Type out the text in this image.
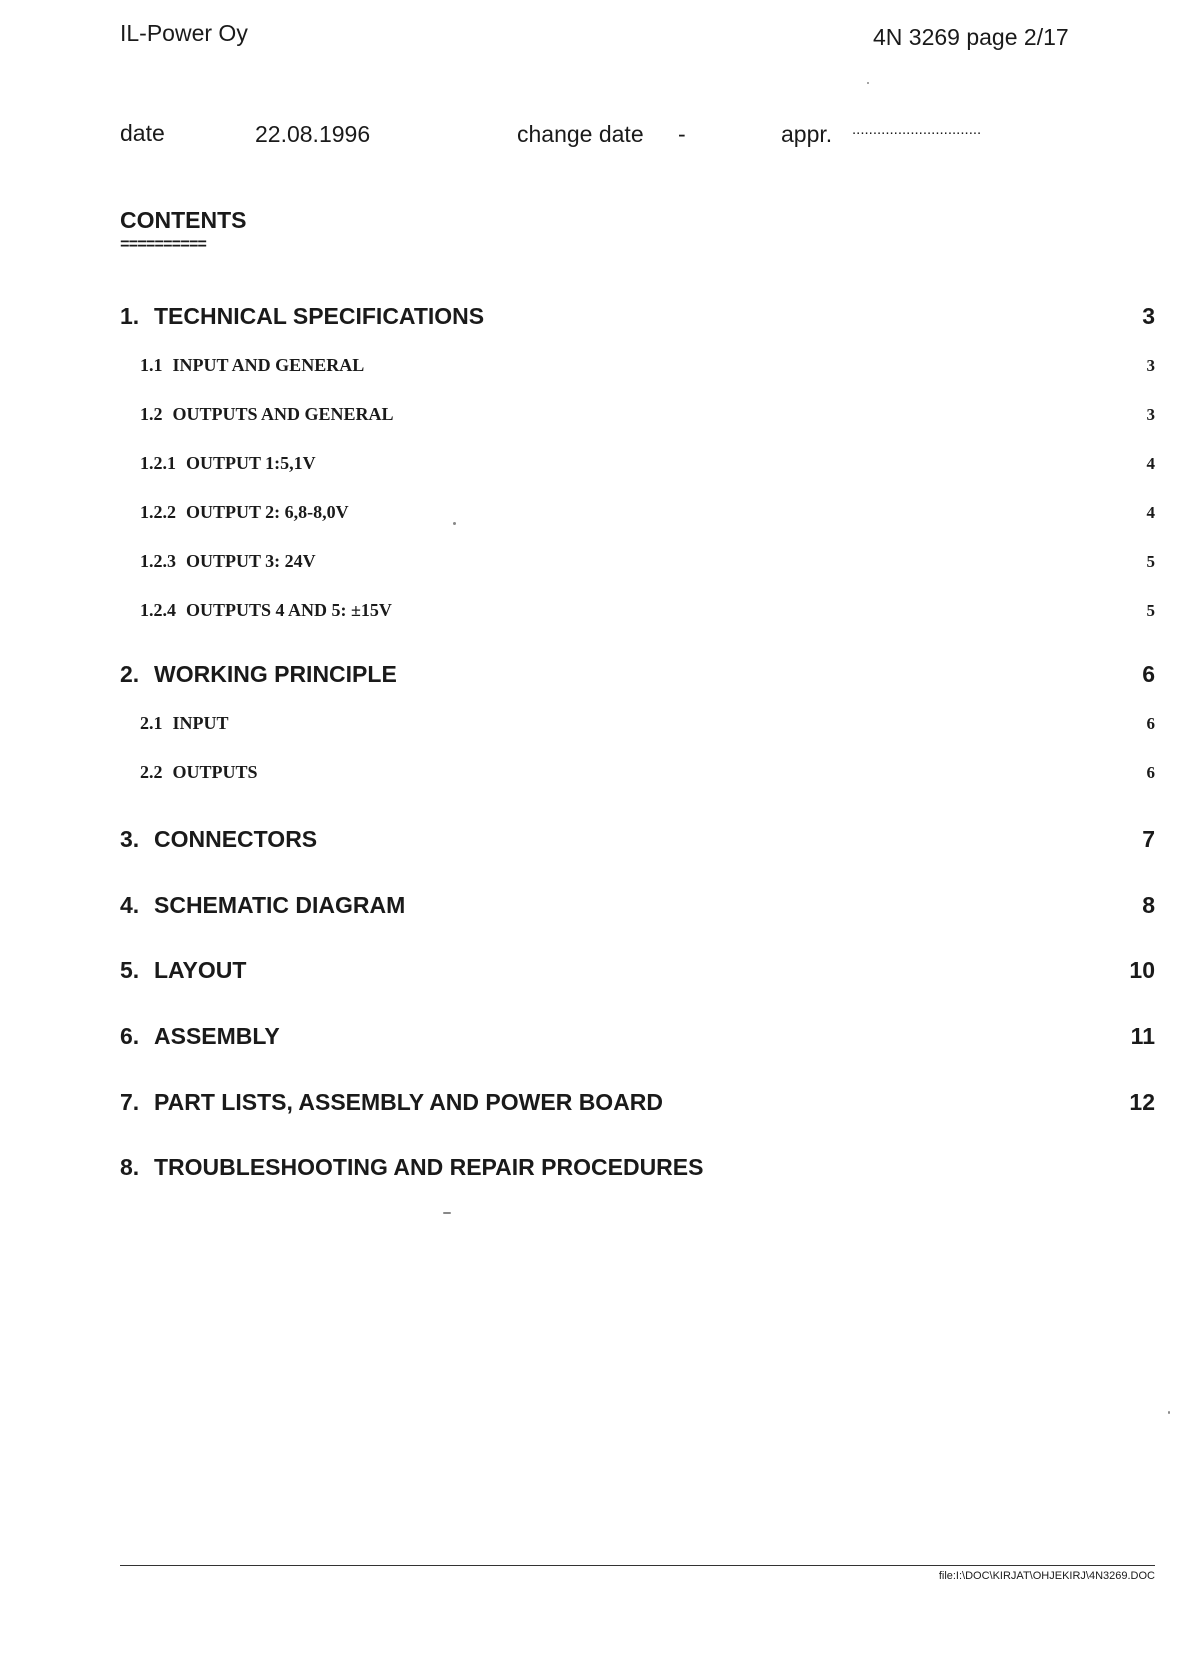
IL-Power Oy	4N 3269 page 2/17
date	22.08.1996	change date -	appr. ...............................
CONTENTS
==========
1. TECHNICAL SPECIFICATIONS	3
1.1 INPUT AND GENERAL	3
1.2 OUTPUTS AND GENERAL	3
1.2.1 OUTPUT 1:5,1V	4
1.2.2 OUTPUT 2: 6,8-8,0V	4
1.2.3 OUTPUT 3: 24V	5
1.2.4 OUTPUTS 4 AND 5: ±15V	5
2. WORKING PRINCIPLE	6
2.1 INPUT	6
2.2 OUTPUTS	6
3. CONNECTORS	7
4. SCHEMATIC DIAGRAM	8
5. LAYOUT	10
6. ASSEMBLY	11
7. PART LISTS, ASSEMBLY AND POWER BOARD	12
8. TROUBLESHOOTING AND REPAIR PROCEDURES
file:I:\DOC\KIRJAT\OHJEKIRJ\4N3269.DOC
